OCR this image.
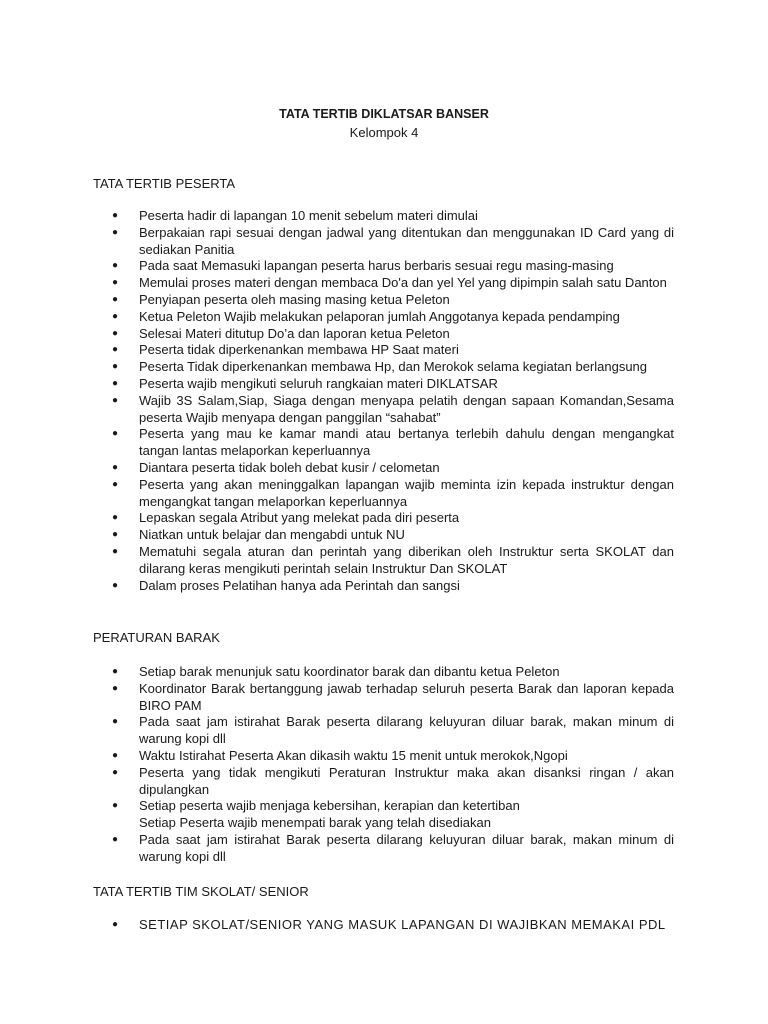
TATA TERTIB DIKLATSAR BANSER
Kelompok 4
TATA TERTIB PESERTA
● Peserta hadir di lapangan 10 menit sebelum materi dimulai
● Berpakaian rapi sesuai dengan jadwal yang ditentukan dan menggunakan ID Card yang di sediakan Panitia
● Pada saat Memasuki lapangan peserta harus berbaris sesuai regu masing-masing
● Memulai proses materi dengan membaca Do'a dan yel Yel yang dipimpin salah satu Danton
● Penyiapan peserta oleh masing masing ketua Peleton
● Ketua Peleton Wajib melakukan pelaporan jumlah Anggotanya kepada pendamping
● Selesai Materi ditutup Do’a dan laporan ketua Peleton
● Peserta tidak diperkenankan membawa HP Saat materi
● Peserta Tidak diperkenankan membawa Hp, dan Merokok selama kegiatan berlangsung
● Peserta wajib mengikuti seluruh rangkaian materi DIKLATSAR
● Wajib 3S Salam,Siap, Siaga dengan menyapa pelatih dengan sapaan Komandan,Sesama peserta Wajib menyapa dengan panggilan “sahabat”
● Peserta yang mau ke kamar mandi atau bertanya terlebih dahulu dengan mengangkat tangan lantas melaporkan keperluannya
● Diantara peserta tidak boleh debat kusir / celometan
● Peserta yang akan meninggalkan lapangan wajib meminta izin kepada instruktur dengan mengangkat tangan melaporkan keperluannya
● Lepaskan segala Atribut yang melekat pada diri peserta
● Niatkan untuk belajar dan mengabdi untuk NU
● Mematuhi segala aturan dan perintah yang diberikan oleh Instruktur serta SKOLAT dan dilarang keras mengikuti perintah selain Instruktur Dan SKOLAT
● Dalam proses Pelatihan hanya ada Perintah dan sangsi
PERATURAN BARAK
● Setiap barak menunjuk satu koordinator barak dan dibantu ketua Peleton
● Koordinator Barak bertanggung jawab terhadap seluruh peserta Barak dan laporan kepada BIRO PAM
● Pada saat jam istirahat Barak peserta dilarang keluyuran diluar barak, makan minum di warung kopi dll
● Waktu Istirahat Peserta Akan dikasih waktu 15 menit untuk merokok,Ngopi
● Peserta yang tidak mengikuti Peraturan Instruktur maka akan disanksi ringan / akan dipulangkan
● Setiap peserta wajib menjaga kebersihan, kerapian dan ketertiban
Setiap Peserta wajib menempati barak yang telah disediakan
● Pada saat jam istirahat Barak peserta dilarang keluyuran diluar barak, makan minum di warung kopi dll
TATA TERTIB TIM SKOLAT/ SENIOR
● SETIAP SKOLAT/SENIOR YANG MASUK LAPANGAN DI WAJIBKAN MEMAKAI PDL
